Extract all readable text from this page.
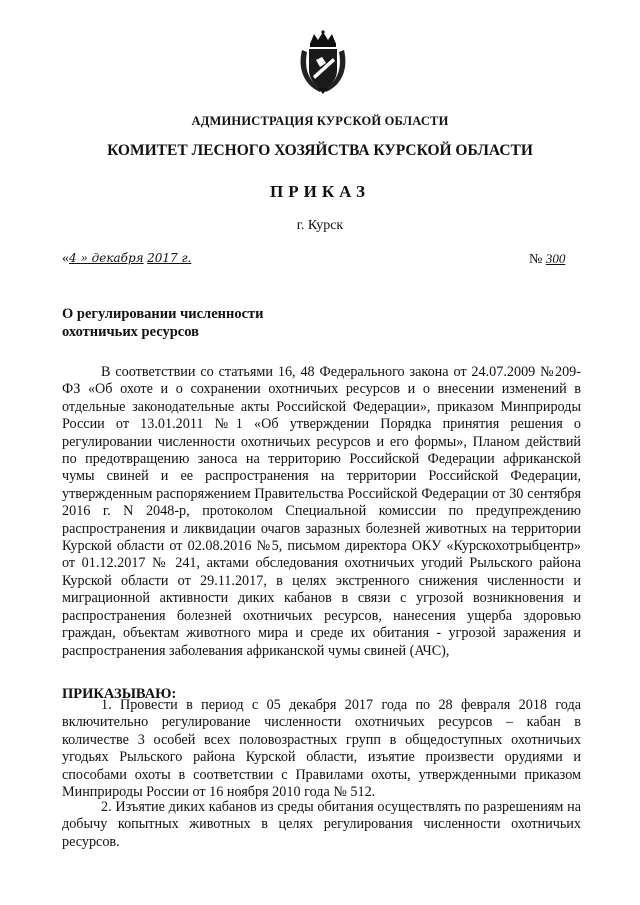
АДМИНИСТРАЦИЯ КУРСКОЙ ОБЛАСТИ
КОМИТЕТ ЛЕСНОГО ХОЗЯЙСТВА КУРСКОЙ ОБЛАСТИ
ПРИКАЗ
г. Курск
«4 » декабря 2017 г.	№ 300
О регулировании численности
охотничьих ресурсов
В соответствии со статьями 16, 48 Федерального закона от 24.07.2009 №209-ФЗ «Об охоте и о сохранении охотничьих ресурсов и о внесении изменений в отдельные законодательные акты Российской Федерации», приказом Минприроды России от 13.01.2011 №1 «Об утверждении Порядка принятия решения о регулировании численности охотничьих ресурсов и его формы», Планом действий по предотвращению заноса на территорию Российской Федерации африканской чумы свиней и ее распространения на территории Российской Федерации, утвержденным распоряжением Правительства Российской Федерации от 30 сентября 2016 г. N 2048-р, протоколом Специальной комиссии по предупреждению распространения и ликвидации очагов заразных болезней животных на территории Курской области от 02.08.2016 №5, письмом директора ОКУ «Курскохотрыбцентр» от 01.12.2017 № 241, актами обследования охотничьих угодий Рыльского района Курской области от 29.11.2017, в целях экстренного снижения численности и миграционной активности диких кабанов в связи с угрозой возникновения и распространения болезней охотничьих ресурсов, нанесения ущерба здоровью граждан, объектам животного мира и среде их обитания - угрозой заражения и распространения заболевания африканской чумы свиней (АЧС),
ПРИКАЗЫВАЮ:
1. Провести в период с 05 декабря 2017 года по 28 февраля 2018 года включительно регулирование численности охотничьих ресурсов – кабан в количестве 3 особей всех половозрастных групп в общедоступных охотничьих угодьях Рыльского района Курской области, изъятие произвести орудиями и способами охоты в соответствии с Правилами охоты, утвержденными приказом Минприроды России от 16 ноября 2010 года № 512.
2. Изъятие диких кабанов из среды обитания осуществлять по разрешениям на добычу копытных животных в целях регулирования численности охотничьих ресурсов.
